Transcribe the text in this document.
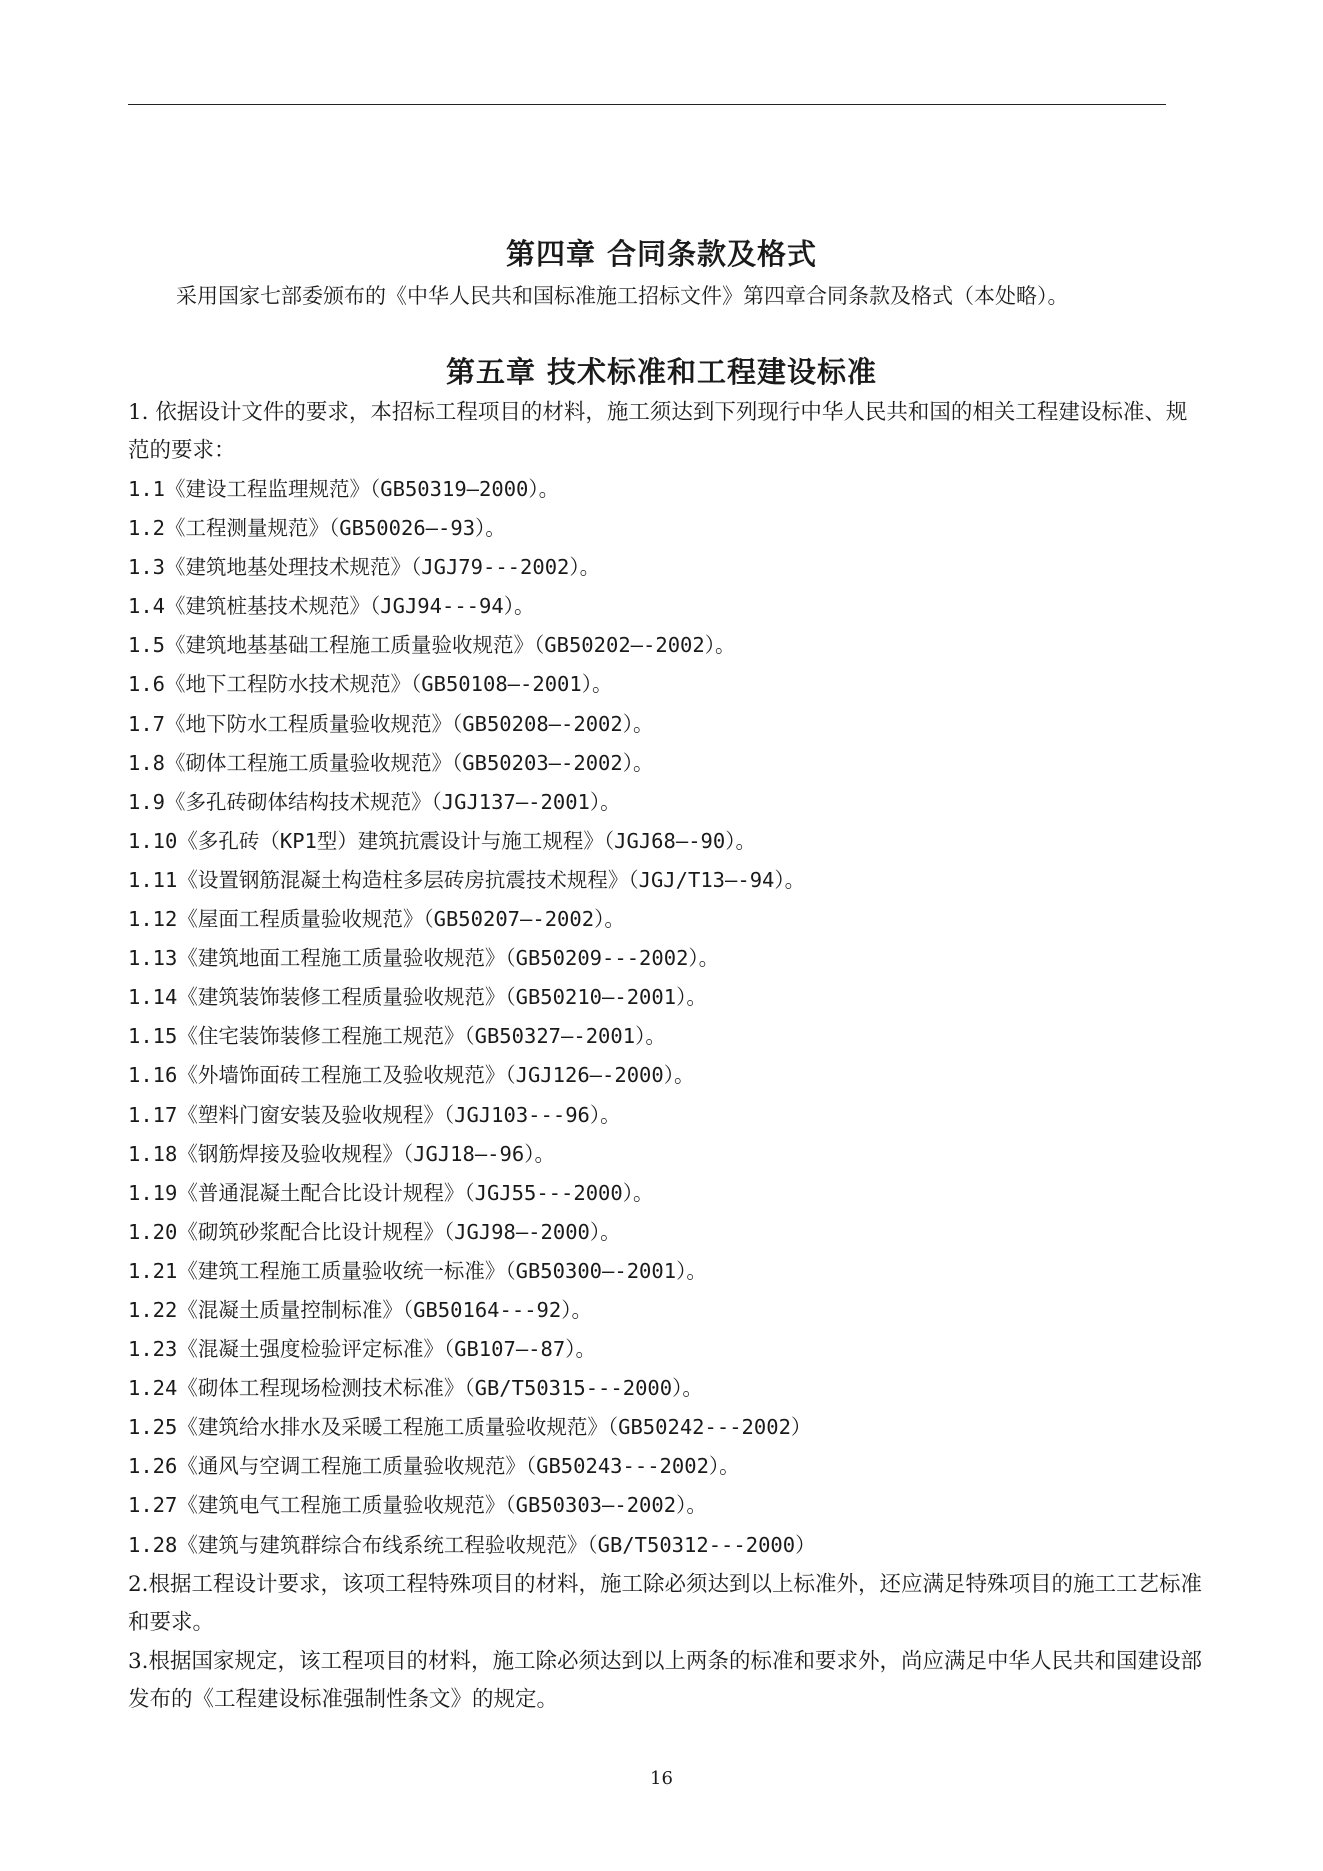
第四章 合同条款及格式
采用国家七部委颁布的《中华人民共和国标准施工招标文件》第四章合同条款及格式（本处略）。
第五章 技术标准和工程建设标准
1. 依据设计文件的要求，本招标工程项目的材料，施工须达到下列现行中华人民共和国的相关工程建设标准、规范的要求：
1.1《建设工程监理规范》（GB50319—2000）。
1.2《工程测量规范》（GB50026—-93）。
1.3《建筑地基处理技术规范》（JGJ79---2002）。
1.4《建筑桩基技术规范》（JGJ94---94）。
1.5《建筑地基基础工程施工质量验收规范》（GB50202—-2002）。
1.6《地下工程防水技术规范》（GB50108—-2001）。
1.7《地下防水工程质量验收规范》（GB50208—-2002）。
1.8《砌体工程施工质量验收规范》（GB50203—-2002）。
1.9《多孔砖砌体结构技术规范》（JGJ137—-2001）。
1.10《多孔砖（KP1型）建筑抗震设计与施工规程》（JGJ68—-90）。
1.11《设置钢筋混凝土构造柱多层砖房抗震技术规程》（JGJ/T13—-94）。
1.12《屋面工程质量验收规范》（GB50207—-2002）。
1.13《建筑地面工程施工质量验收规范》（GB50209---2002）。
1.14《建筑装饰装修工程质量验收规范》（GB50210—-2001）。
1.15《住宅装饰装修工程施工规范》（GB50327—-2001）。
1.16《外墙饰面砖工程施工及验收规范》（JGJ126—-2000）。
1.17《塑料门窗安装及验收规程》（JGJ103---96）。
1.18《钢筋焊接及验收规程》（JGJ18—-96）。
1.19《普通混凝土配合比设计规程》（JGJ55---2000）。
1.20《砌筑砂浆配合比设计规程》（JGJ98—-2000）。
1.21《建筑工程施工质量验收统一标准》（GB50300—-2001）。
1.22《混凝土质量控制标准》（GB50164---92）。
1.23《混凝土强度检验评定标准》（GB107—-87）。
1.24《砌体工程现场检测技术标准》（GB/T50315---2000）。
1.25《建筑给水排水及采暖工程施工质量验收规范》（GB50242---2002）
1.26《通风与空调工程施工质量验收规范》（GB50243---2002）。
1.27《建筑电气工程施工质量验收规范》（GB50303—-2002）。
1.28《建筑与建筑群综合布线系统工程验收规范》（GB/T50312---2000）
2.根据工程设计要求，该项工程特殊项目的材料，施工除必须达到以上标准外，还应满足特殊项目的施工工艺标准和要求。
3.根据国家规定，该工程项目的材料，施工除必须达到以上两条的标准和要求外，尚应满足中华人民共和国建设部发布的《工程建设标准强制性条文》的规定。
16
